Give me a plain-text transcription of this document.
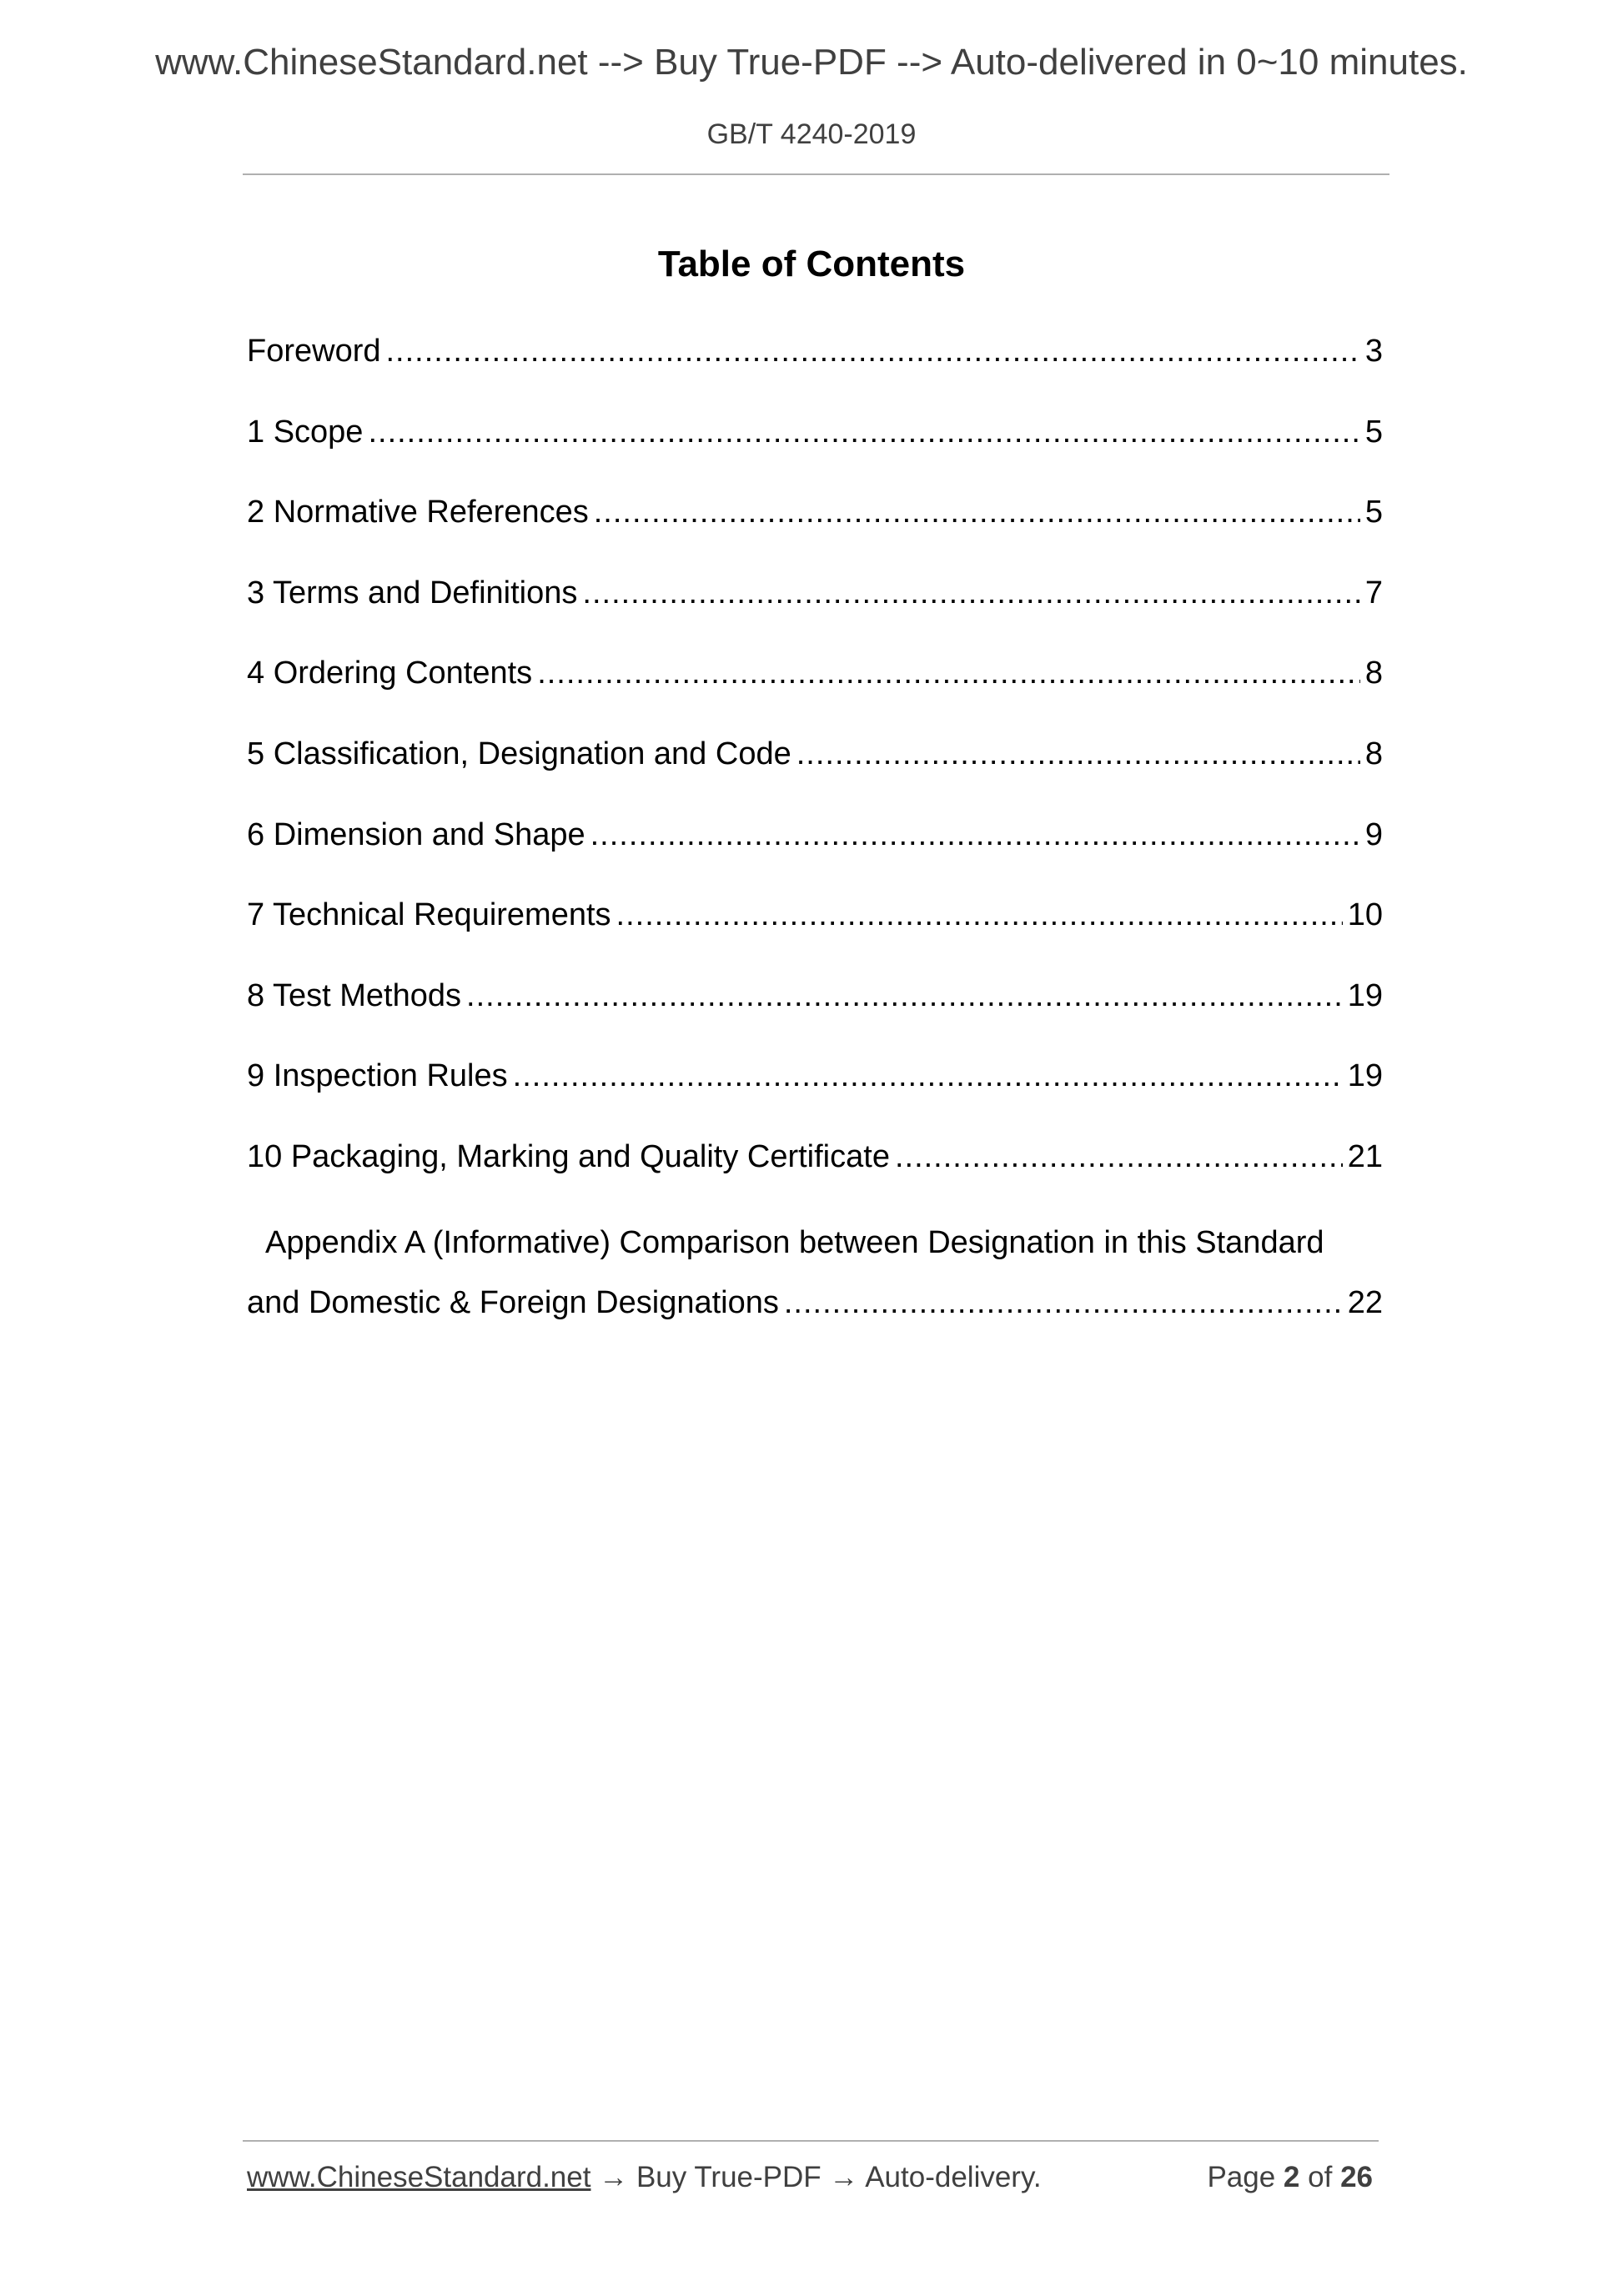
www.ChineseStandard.net --> Buy True-PDF --> Auto-delivered in 0~10 minutes.
GB/T 4240-2019
Table of Contents
Foreword .....	3
1 Scope .....	5
2 Normative References .....	5
3 Terms and Definitions .....	7
4 Ordering Contents .....	8
5 Classification, Designation and Code .....	8
6 Dimension and Shape .....	9
7 Technical Requirements .....	10
8 Test Methods .....	19
9 Inspection Rules .....	19
10 Packaging, Marking and Quality Certificate .....	21
Appendix A (Informative) Comparison between Designation in this Standard
and Domestic & Foreign Designations .....	22
www.ChineseStandard.net → Buy True-PDF → Auto-delivery.	Page 2 of 26
